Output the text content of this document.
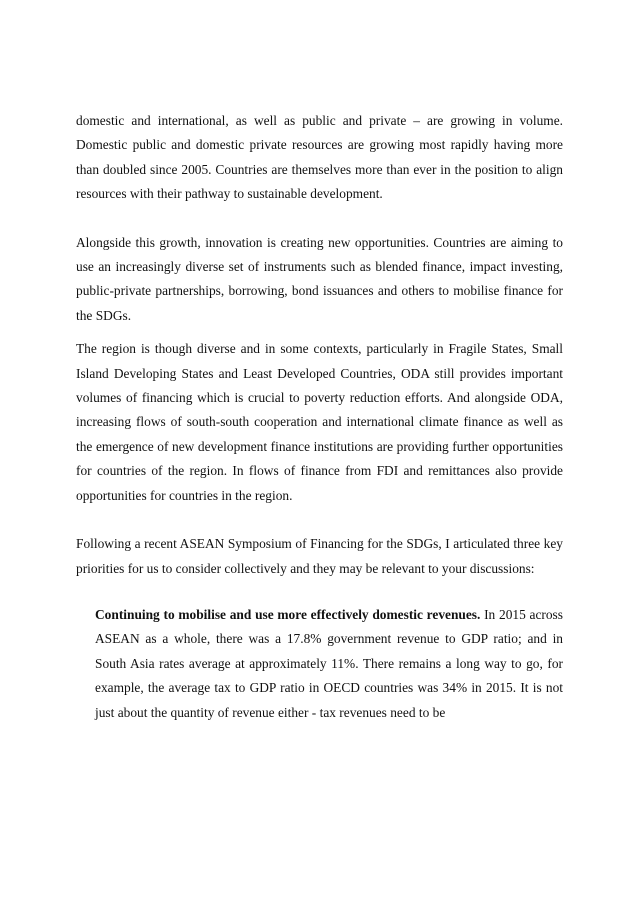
domestic and international, as well as public and private – are growing in volume. Domestic public and domestic private resources are growing most rapidly having more than doubled since 2005. Countries are themselves more than ever in the position to align resources with their pathway to sustainable development.

Alongside this growth, innovation is creating new opportunities. Countries are aiming to use an increasingly diverse set of instruments such as blended finance, impact investing, public-private partnerships, borrowing, bond issuances and others to mobilise finance for the SDGs.

The region is though diverse and in some contexts, particularly in Fragile States, Small Island Developing States and Least Developed Countries, ODA still provides important volumes of financing which is crucial to poverty reduction efforts. And alongside ODA, increasing flows of south-south cooperation and international climate finance as well as the emergence of new development finance institutions are providing further opportunities for countries of the region. In flows of finance from FDI and remittances also provide opportunities for countries in the region.

Following a recent ASEAN Symposium of Financing for the SDGs, I articulated three key priorities for us to consider collectively and they may be relevant to your discussions:

Continuing to mobilise and use more effectively domestic revenues. In 2015 across ASEAN as a whole, there was a 17.8% government revenue to GDP ratio; and in South Asia rates average at approximately 11%. There remains a long way to go, for example, the average tax to GDP ratio in OECD countries was 34% in 2015. It is not just about the quantity of revenue either - tax revenues need to be
